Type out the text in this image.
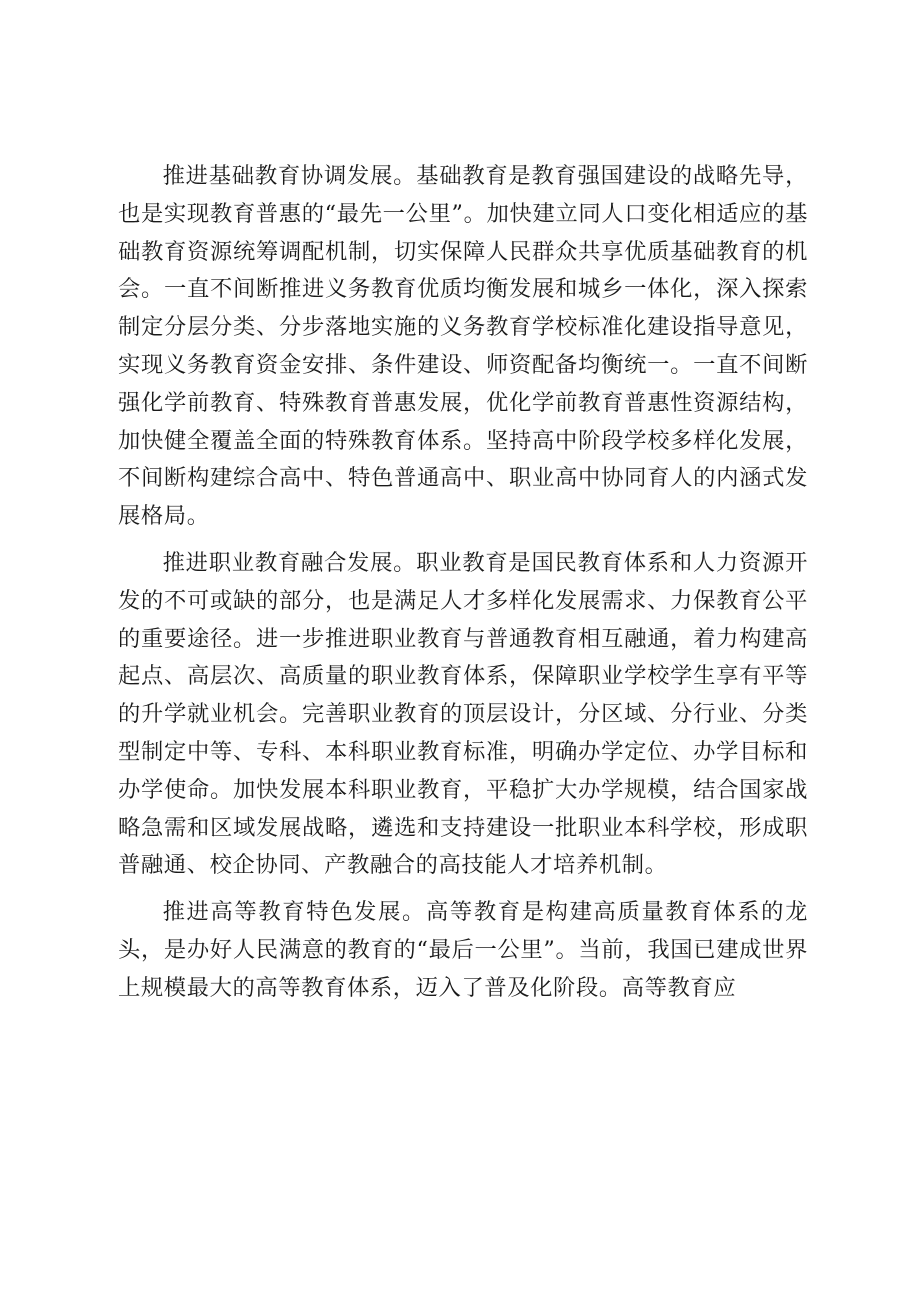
推进基础教育协调发展。基础教育是教育强国建设的战略先导，也是实现教育普惠的“最先一公里”。加快建立同人口变化相适应的基础教育资源统筹调配机制，切实保障人民群众共享优质基础教育的机会。一直不间断推进义务教育优质均衡发展和城乡一体化，深入探索制定分层分类、分步落地实施的义务教育学校标准化建设指导意见，实现义务教育资金安排、条件建设、师资配备均衡统一。一直不间断强化学前教育、特殊教育普惠发展，优化学前教育普惠性资源结构，加快健全覆盖全面的特殊教育体系。坚持高中阶段学校多样化发展，不间断构建综合高中、特色普通高中、职业高中协同育人的内涵式发展格局。

推进职业教育融合发展。职业教育是国民教育体系和人力资源开发的不可或缺的部分，也是满足人才多样化发展需求、力保教育公平的重要途径。进一步推进职业教育与普通教育相互融通，着力构建高起点、高层次、高质量的职业教育体系，保障职业学校学生享有平等的升学就业机会。完善职业教育的顶层设计，分区域、分行业、分类型制定中等、专科、本科职业教育标准，明确办学定位、办学目标和办学使命。加快发展本科职业教育，平稳扩大办学规模，结合国家战略急需和区域发展战略，遴选和支持建设一批职业本科学校，形成职普融通、校企协同、产教融合的高技能人才培养机制。

推进高等教育特色发展。高等教育是构建高质量教育体系的龙头，是办好人民满意的教育的“最后一公里”。当前，我国已建成世界上规模最大的高等教育体系，迈入了普及化阶段。高等教育应
